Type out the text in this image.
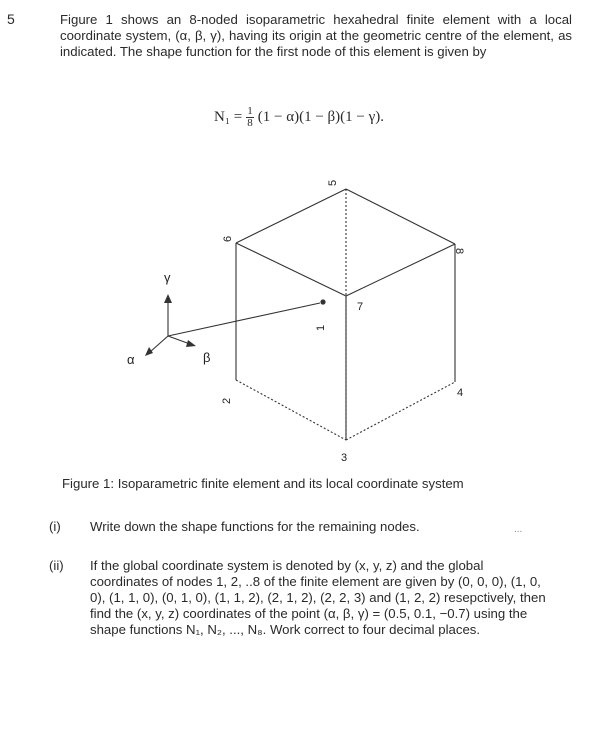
5	Figure 1 shows an 8-noded isoparametric hexahedral finite element with a local coordinate system, (α, β, γ), having its origin at the geometric centre of the element, as indicated. The shape function for the first node of this element is given by
$N_1 = \frac{1}{8} (1 - \alpha)(1 - \beta)(1 - \gamma)$.
1
2
3
4
5
6
7
8
γ
α	β
Figure 1: Isoparametric finite element and its local coordinate system
(i) Write down the shape functions for the remaining nodes.	...
(ii) If the global coordinate system is denoted by (x, y, z) and the global coordinates of nodes 1, 2, ..8 of the finite element are given by (0, 0, 0), (1, 0, 0), (1, 1, 0), (0, 1, 0), (1, 1, 2), (2, 1, 2), (2, 2, 3) and (1, 2, 2) resepctively, then find the (x, y, z) coordinates of the point (α, β, γ) = (0.5, 0.1, −0.7) using the shape functions N₁, N₂, ..., N₈. Work correct to four decimal places.
